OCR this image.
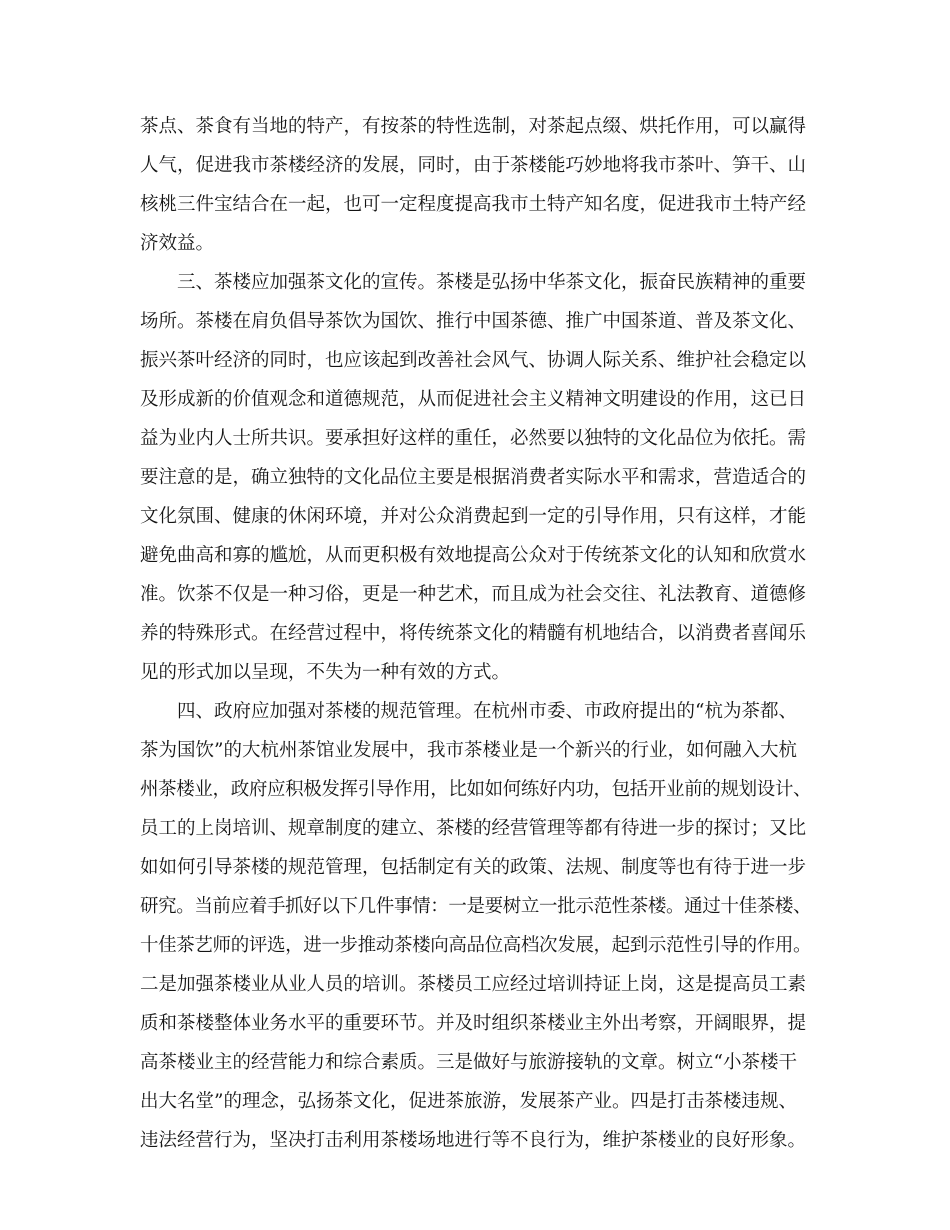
茶点、茶食有当地的特产，有按茶的特性选制，对茶起点缀、烘托作用，可以赢得
人气，促进我市茶楼经济的发展，同时，由于茶楼能巧妙地将我市茶叶、笋干、山
核桃三件宝结合在一起，也可一定程度提高我市土特产知名度，促进我市土特产经
济效益。
三、茶楼应加强茶文化的宣传。茶楼是弘扬中华茶文化，振奋民族精神的重要
场所。茶楼在肩负倡导茶饮为国饮、推行中国茶德、推广中国茶道、普及茶文化、
振兴茶叶经济的同时，也应该起到改善社会风气、协调人际关系、维护社会稳定以
及形成新的价值观念和道德规范，从而促进社会主义精神文明建设的作用，这已日
益为业内人士所共识。要承担好这样的重任，必然要以独特的文化品位为依托。需
要注意的是，确立独特的文化品位主要是根据消费者实际水平和需求，营造适合的
文化氛围、健康的休闲环境，并对公众消费起到一定的引导作用，只有这样，才能
避免曲高和寡的尴尬，从而更积极有效地提高公众对于传统茶文化的认知和欣赏水
准。饮茶不仅是一种习俗，更是一种艺术，而且成为社会交往、礼法教育、道德修
养的特殊形式。在经营过程中，将传统茶文化的精髓有机地结合，以消费者喜闻乐
见的形式加以呈现，不失为一种有效的方式。
四、政府应加强对茶楼的规范管理。在杭州市委、市政府提出的“杭为茶都、
茶为国饮”的大杭州茶馆业发展中，我市茶楼业是一个新兴的行业，如何融入大杭
州茶楼业，政府应积极发挥引导作用，比如如何练好内功，包括开业前的规划设计、
员工的上岗培训、规章制度的建立、茶楼的经营管理等都有待进一步的探讨；又比
如如何引导茶楼的规范管理，包括制定有关的政策、法规、制度等也有待于进一步
研究。当前应着手抓好以下几件事情：一是要树立一批示范性茶楼。通过十佳茶楼、
十佳茶艺师的评选，进一步推动茶楼向高品位高档次发展，起到示范性引导的作用。
二是加强茶楼业从业人员的培训。茶楼员工应经过培训持证上岗，这是提高员工素
质和茶楼整体业务水平的重要环节。并及时组织茶楼业主外出考察，开阔眼界，提
高茶楼业主的经营能力和综合素质。三是做好与旅游接轨的文章。树立“小茶楼干
出大名堂”的理念，弘扬茶文化，促进茶旅游，发展茶产业。四是打击茶楼违规、
违法经营行为，坚决打击利用茶楼场地进行等不良行为，维护茶楼业的良好形象。
